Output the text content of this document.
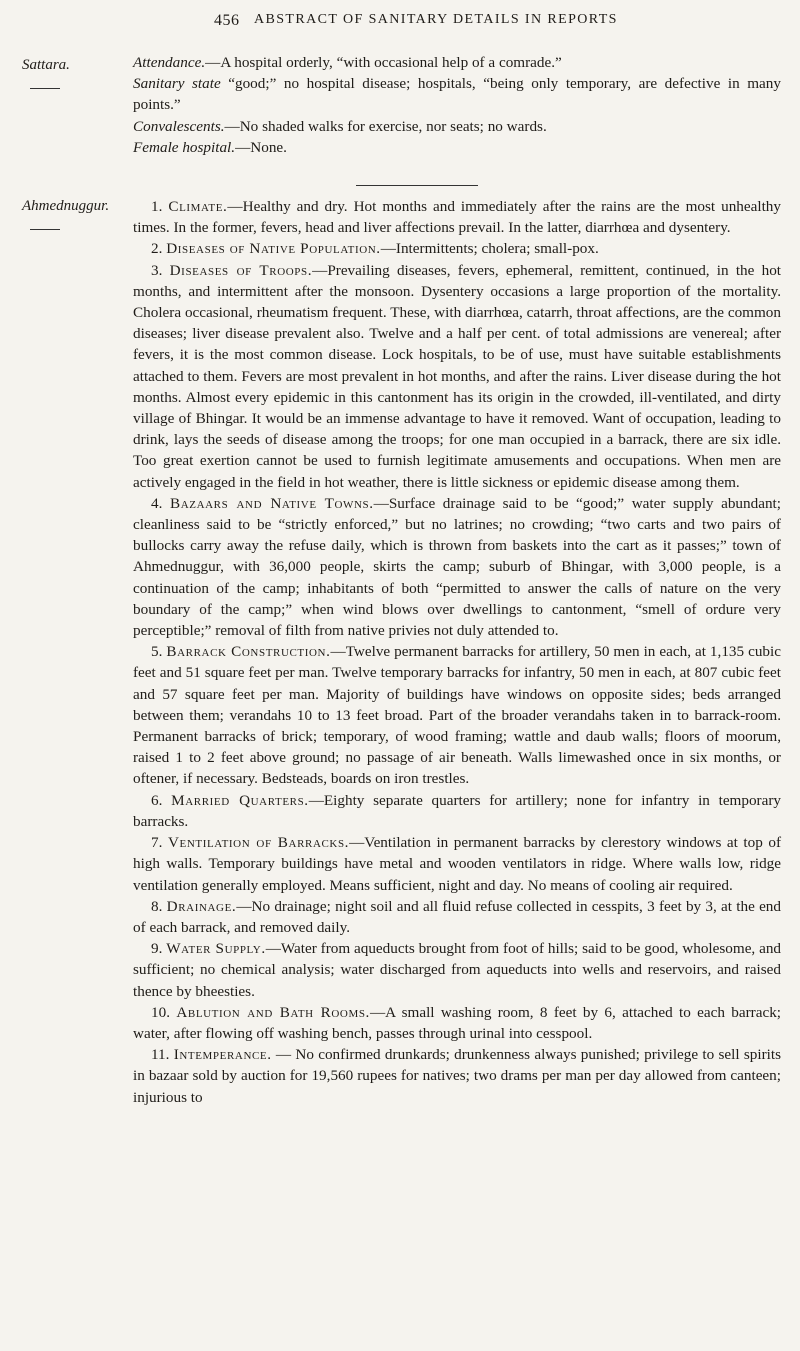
456 ABSTRACT OF SANITARY DETAILS IN REPORTS
Sattara.	Attendance.—A hospital orderly, “with occasional help of a comrade.”

Sanitary state “good;” no hospital disease; hospitals, “being only temporary, are defective in many points.”

Convalescents.—No shaded walks for exercise, nor seats; no wards.

Female hospital.—None.

Ahmednuggur.	1. Climate.—Healthy and dry. Hot months and immediately after the rains are the most unhealthy times. In the former, fevers, head and liver affections prevail. In the latter, diarrhœa and dysentery.

2. Diseases of Native Population.—Intermittents; cholera; small-pox.

3. Diseases of Troops.—Prevailing diseases, fevers, ephemeral, remittent, continued, in the hot months, and intermittent after the monsoon. Dysentery occasions a large proportion of the mortality. Cholera occasional, rheumatism frequent. These, with diarrhœa, catarrh, throat affections, are the common diseases; liver disease prevalent also. Twelve and a half per cent. of total admissions are venereal; after fevers, it is the most common disease. Lock hospitals, to be of use, must have suitable establishments attached to them. Fevers are most prevalent in hot months, and after the rains. Liver disease during the hot months. Almost every epidemic in this cantonment has its origin in the crowded, ill-ventilated, and dirty village of Bhingar. It would be an immense advantage to have it removed. Want of occupation, leading to drink, lays the seeds of disease among the troops; for one man occupied in a barrack, there are six idle. Too great exertion cannot be used to furnish legitimate amusements and occupations. When men are actively engaged in the field in hot weather, there is little sickness or epidemic disease among them.

4. Bazaars and Native Towns.—Surface drainage said to be “good;” water supply abundant; cleanliness said to be “strictly enforced,” but no latrines; no crowding; “two carts and two pairs of bullocks carry away the refuse daily, which is thrown from baskets into the cart as it passes;” town of Ahmednuggur, with 36,000 people, skirts the camp; suburb of Bhingar, with 3,000 people, is a continuation of the camp; inhabitants of both “permitted to answer the calls of nature on the very boundary of the camp;” when wind blows over dwellings to cantonment, “smell of ordure very perceptible;” removal of filth from native privies not duly attended to.

5. Barrack Construction.—Twelve permanent barracks for artillery, 50 men in each, at 1,135 cubic feet and 51 square feet per man. Twelve temporary barracks for infantry, 50 men in each, at 807 cubic feet and 57 square feet per man. Majority of buildings have windows on opposite sides; beds arranged between them; verandahs 10 to 13 feet broad. Part of the broader verandahs taken in to barrack-room. Permanent barracks of brick; temporary, of wood framing; wattle and daub walls; floors of moorum, raised 1 to 2 feet above ground; no passage of air beneath. Walls limewashed once in six months, or oftener, if necessary. Bedsteads, boards on iron trestles.

6. Married Quarters.—Eighty separate quarters for artillery; none for infantry in temporary barracks.

7. Ventilation of Barracks.—Ventilation in permanent barracks by clerestory windows at top of high walls. Temporary buildings have metal and wooden ventilators in ridge. Where walls low, ridge ventilation generally employed. Means sufficient, night and day. No means of cooling air required.

8. Drainage.—No drainage; night soil and all fluid refuse collected in cesspits, 3 feet by 3, at the end of each barrack, and removed daily.

9. Water Supply.—Water from aqueducts brought from foot of hills; said to be good, wholesome, and sufficient; no chemical analysis; water discharged from aqueducts into wells and reservoirs, and raised thence by bheesties.

10. Ablution and Bath Rooms.—A small washing room, 8 feet by 6, attached to each barrack; water, after flowing off washing bench, passes through urinal into cesspool.

11. Intemperance. — No confirmed drunkards; drunkenness always punished; privilege to sell spirits in bazaar sold by auction for 19,560 rupees for natives; two drams per man per day allowed from canteen; injurious to
